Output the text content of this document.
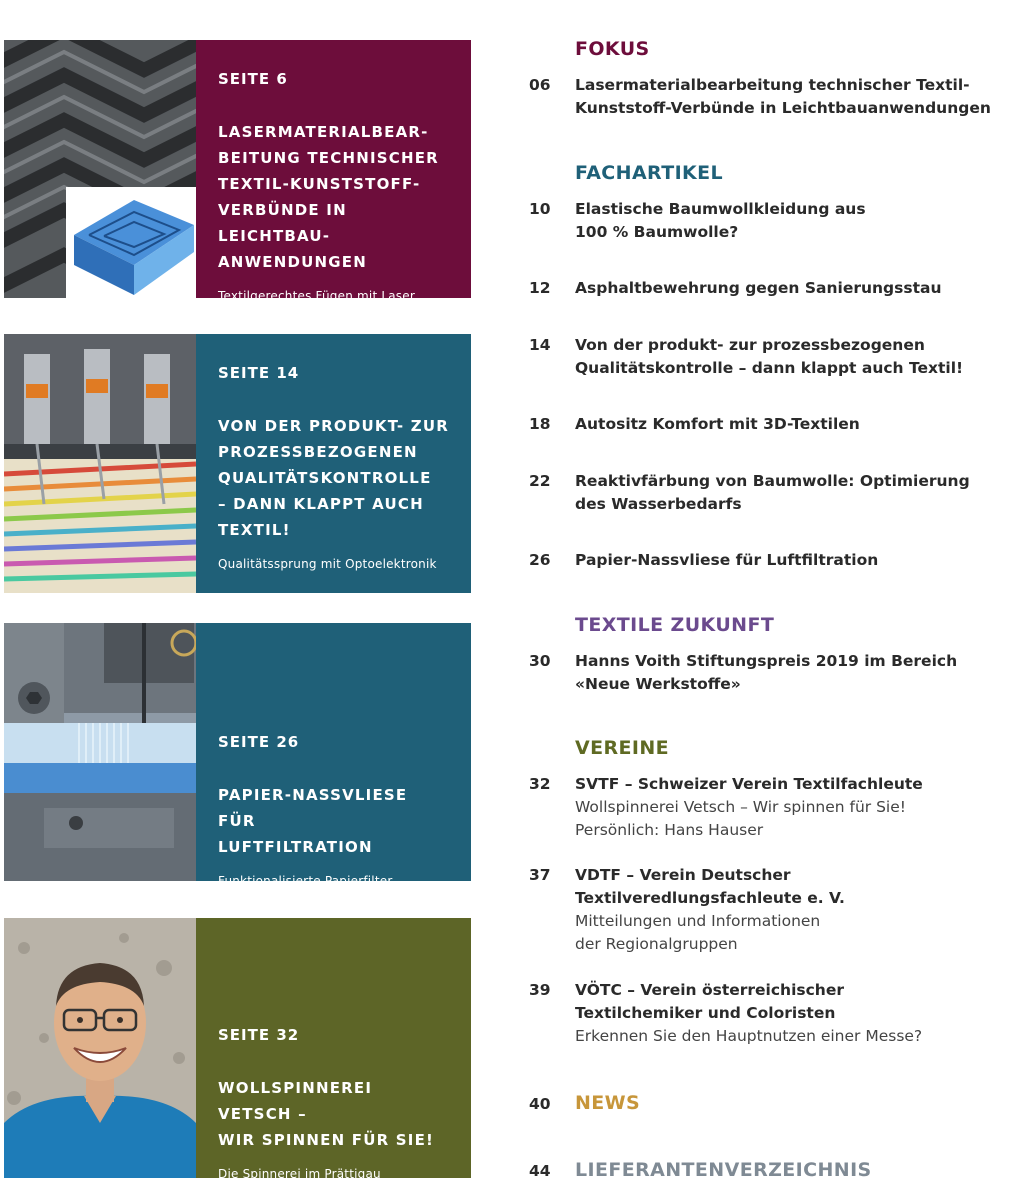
SEITE 6
LASERMATERIALBEAR-
BEITUNG TECHNISCHER
TEXTIL-KUNSTSTOFF-
VERBÜNDE IN LEICHTBAU-
ANWENDUNGEN
Textilgerechtes Fügen mit Laser
SEITE 14
VON DER PRODUKT- ZUR
PROZESSBEZOGENEN
QUALITÄTSKONTROLLE
– DANN KLAPPT AUCH
TEXTIL!
Qualitätssprung mit Optoelektronik
SEITE 26
PAPIER-NASSVLIESE FÜR
LUFTFILTRATION
Funktionalisierte Papierfilter
SEITE 32
WOLLSPINNEREI VETSCH –
WIR SPINNEN FÜR SIE!
Die Spinnerei im Prättigau
FOKUS
06	Lasermaterialbearbeitung technischer Textil-
Kunststoff-Verbünde in Leichtbauanwendungen
FACHARTIKEL
10	Elastische Baumwollkleidung aus
100 % Baumwolle?
12	Asphaltbewehrung gegen Sanierungsstau
14	Von der produkt- zur prozessbezogenen
Qualitätskontrolle – dann klappt auch Textil!
18	Autositz Komfort mit 3D-Textilen
22	Reaktivfärbung von Baumwolle: Optimierung
des Wasserbedarfs
26	Papier-Nassvliese für Luftfiltration
TEXTILE ZUKUNFT
30	Hanns Voith Stiftungspreis 2019 im Bereich
«Neue Werkstoffe»
VEREINE
32	SVTF – Schweizer Verein Textilfachleute
Wollspinnerei Vetsch – Wir spinnen für Sie!
Persönlich: Hans Hauser
37	VDTF – Verein Deutscher
Textilveredlungsfachleute e. V.
Mitteilungen und Informationen
der Regionalgruppen
39	VÖTC – Verein österreichischer
Textilchemiker und Coloristen
Erkennen Sie den Hauptnutzen einer Messe?
40	NEWS
44	LIEFERANTENVERZEICHNIS
